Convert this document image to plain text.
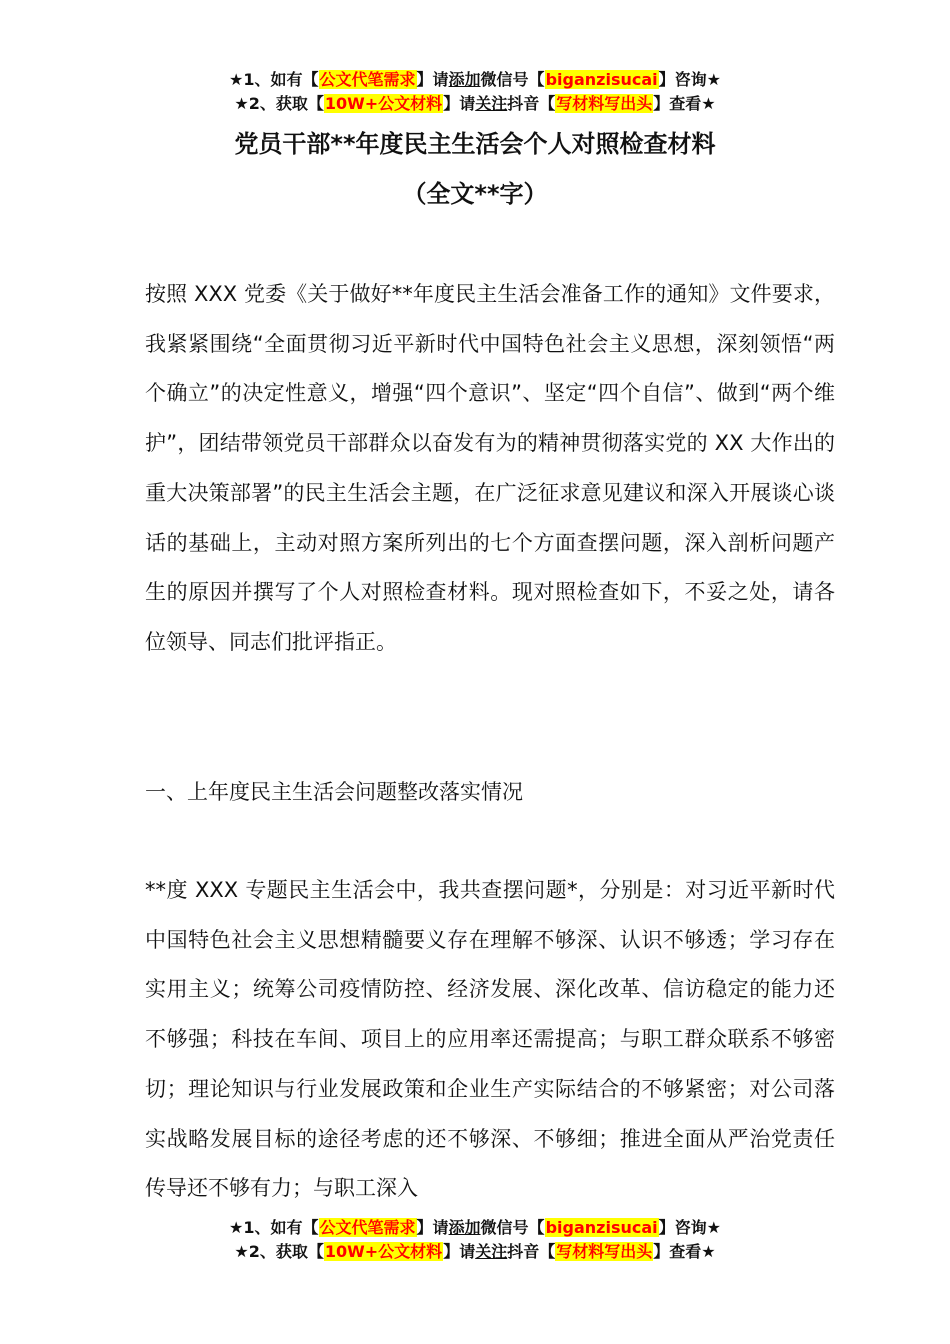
★1、如有【公文代笔需求】请添加微信号【biganzisucai】咨询★
★2、获取【10W+公文材料】请关注抖音【写材料写出头】查看★
党员干部**年度民主生活会个人对照检查材料
（全文**字）

按照 XXX 党委《关于做好**年度民主生活会准备工作的通知》文件要求，我紧紧围绕“全面贯彻习近平新时代中国特色社会主义思想，深刻领悟“两个确立”的决定性意义，增强“四个意识”、坚定“四个自信”、做到“两个维护”，团结带领党员干部群众以奋发有为的精神贯彻落实党的 XX 大作出的重大决策部署”的民主生活会主题，在广泛征求意见建议和深入开展谈心谈话的基础上，主动对照方案所列出的七个方面查摆问题，深入剖析问题产生的原因并撰写了个人对照检查材料。现对照检查如下，不妥之处，请各位领导、同志们批评指正。

一、上年度民主生活会问题整改落实情况

**度 XXX 专题民主生活会中，我共查摆问题*，分别是：对习近平新时代中国特色社会主义思想精髓要义存在理解不够深、认识不够透；学习存在实用主义；统筹公司疫情防控、经济发展、深化改革、信访稳定的能力还不够强；科技在车间、项目上的应用率还需提高；与职工群众联系不够密切；理论知识与行业发展政策和企业生产实际结合的不够紧密；对公司落实战略发展目标的途径考虑的还不够深、不够细；推进全面从严治党责任传导还不够有力；与职工深入

★1、如有【公文代笔需求】请添加微信号【biganzisucai】咨询★
★2、获取【10W+公文材料】请关注抖音【写材料写出头】查看★
